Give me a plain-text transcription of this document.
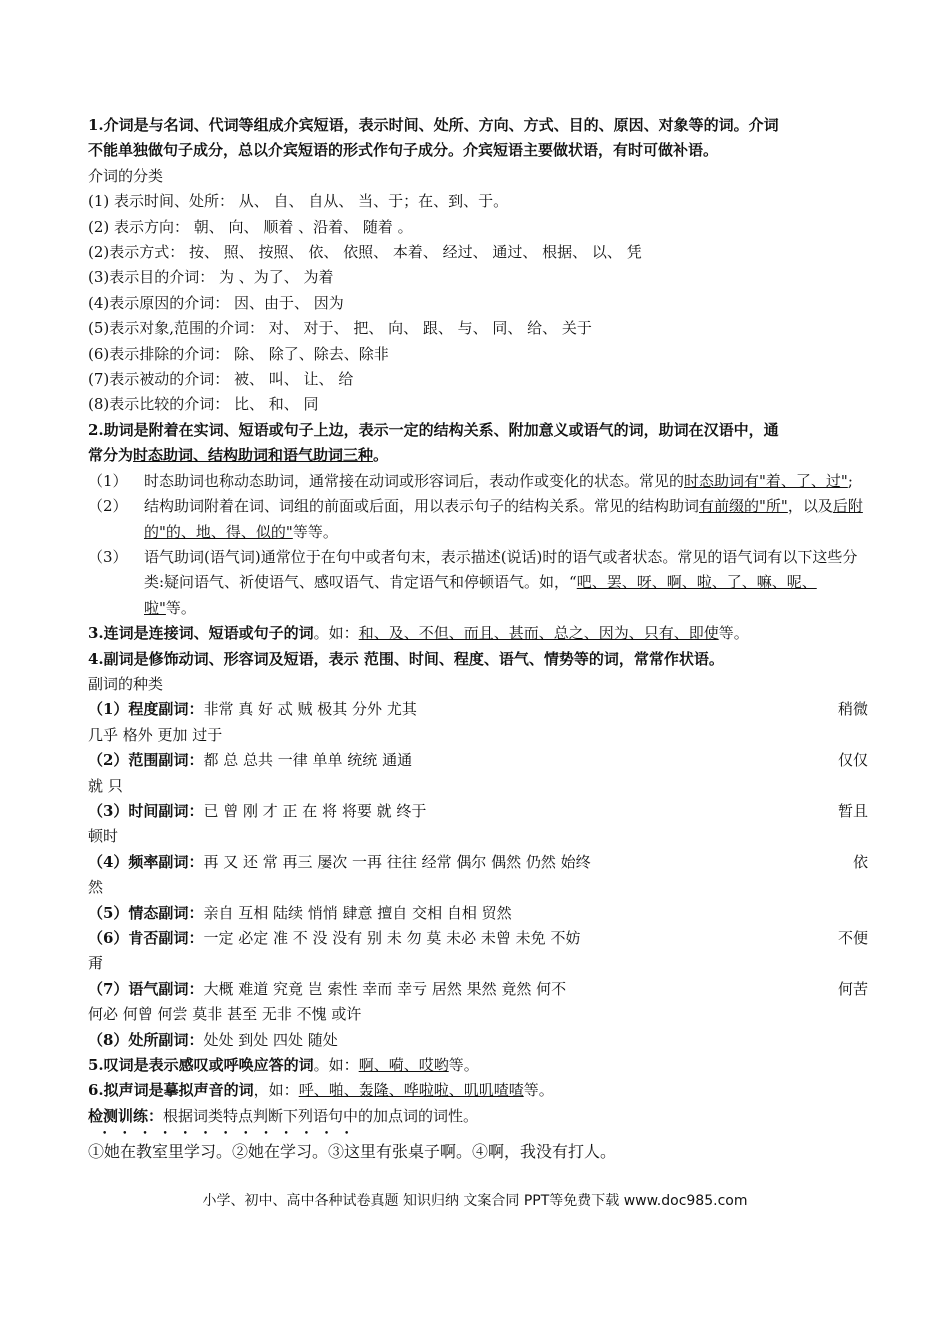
1.介词是与名词、代词等组成介宾短语，表示时间、处所、方向、方式、目的、原因、对象等的词。介词
不能单独做句子成分，总以介宾短语的形式作句子成分。介宾短语主要做状语，有时可做补语。
介词的分类
(1) 表示时间、处所： 从、 自、 自从、 当、于；在、到、于。
(2) 表示方向： 朝、 向、 顺着 、沿着、 随着 。
(2)表示方式： 按、 照、 按照、 依、 依照、 本着、 经过、 通过、 根据、 以、 凭
(3)表示目的介词： 为 、为了、 为着
(4)表示原因的介词： 因、由于、 因为
(5)表示对象,范围的介词： 对、 对于、 把、 向、 跟、 与、 同、 给、 关于
(6)表示排除的介词： 除、 除了、除去、除非
(7)表示被动的介词： 被、 叫、 让、 给
(8)表示比较的介词： 比、 和、 同
2.助词是附着在实词、短语或句子上边，表示一定的结构关系、附加意义或语气的词，助词在汉语中，通
常分为时态助词、结构助词和语气助词三种。
（1）	时态助词也称动态助词，通常接在动词或形容词后，表动作或变化的状态。常见的时态助词有"着、了、过";
（2）	结构助词附着在词、词组的前面或后面，用以表示句子的结构关系。常见的结构助词有前缀的"所"，以及后附的"的、地、得、似的"等等。
（3）	语气助词(语气词)通常位于在句中或者句末，表示描述(说话)时的语气或者状态。常见的语气词有以下这些分类:疑问语气、祈使语气、感叹语气、肯定语气和停顿语气。如，“吧、罢、呀、啊、啦、了、嘛、呢、啦"等。
3.连词是连接词、短语或句子的词。如：和、及、不但、而且、甚而、总之、因为、只有、即使等。
4.副词是修饰动词、形容词及短语，表示 范围、时间、程度、语气、情势等的词，常常作状语。
副词的种类
（1）程度副词：非常 真 好 忒 贼 极其 分外 尤其	稍微
几乎 格外 更加 过于
（2）范围副词：都 总 总共 一律 单单 统统 通通	仅仅
就 只
（3）时间副词：已 曾 刚 才 正 在 将 将要 就 终于	暂且
顿时
（4）频率副词：再 又 还 常 再三 屡次 一再 往往 经常 偶尔 偶然 仍然 始终	依
然
（5）情态副词：亲自 互相 陆续 悄悄 肆意 擅自 交相 自相 贸然
（6）肯否副词：一定 必定 准 不 没 没有 别 未 勿 莫 未必 未曾 未免 不妨	不便
甭
（7）语气副词：大概 难道 究竟 岂 索性 幸而 幸亏 居然 果然 竟然 何不	何苦
何必 何曾 何尝 莫非 甚至 无非 不愧 或许
（8）处所副词：处处 到处 四处 随处
5.叹词是表示感叹或呼唤应答的词。如：啊、嗬、哎哟等。
6.拟声词是摹拟声音的词，如：呼、啪、轰隆、哗啦啦、叽叽喳喳等。
检测训练：根据词类特点判断下列语句中的加点词的词性。
• • • • • • • • • • • • •
①她在教室里学习。②她在学习。③这里有张桌子啊。④啊，我没有打人。
小学、初中、高中各种试卷真题 知识归纳 文案合同 PPT等免费下载 www.doc985.com
